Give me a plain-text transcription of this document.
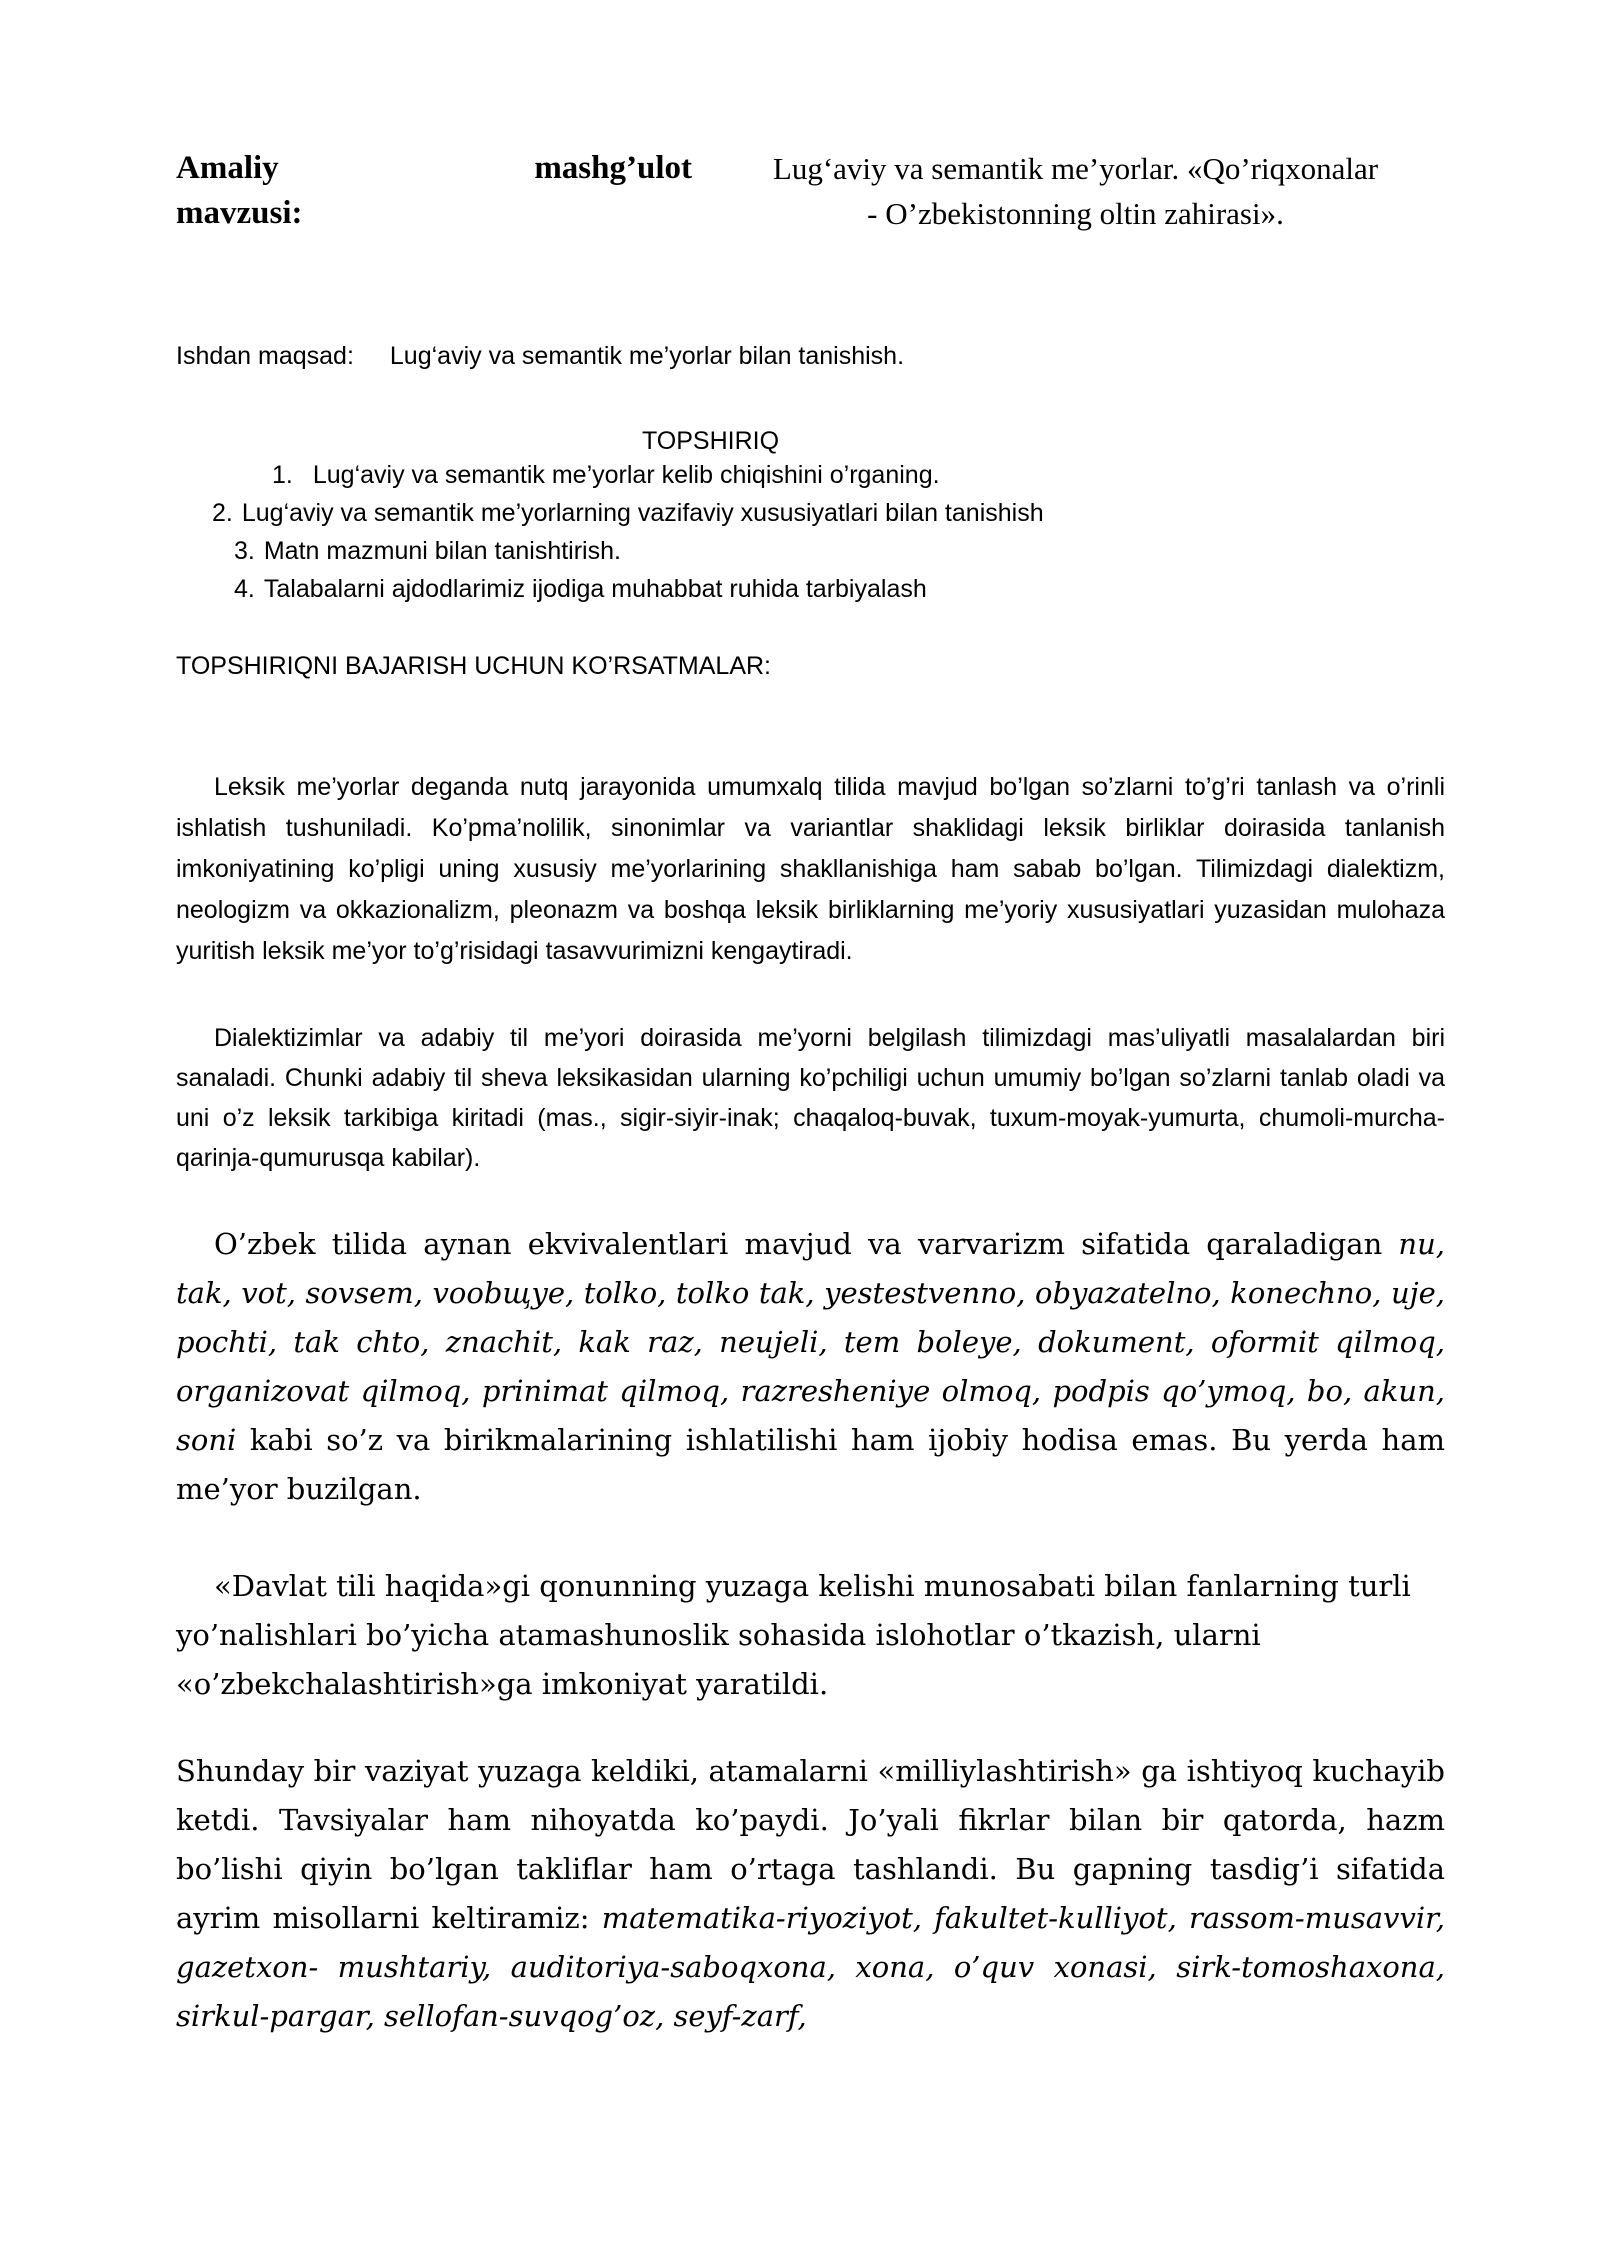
Amaliy	mashg’ulot
mavzusi:
Lug‘aviy va semantik me’yorlar. «Qo’riqxonalar
- O’zbekistonning oltin zahirasi».
Ishdan maqsad: Lug‘aviy va semantik me’yorlar bilan tanishish.
TOPSHIRIQ
1. Lug‘aviy va semantik me’yorlar kelib chiqishini o’rganing.
2. Lug‘aviy va semantik me’yorlarning vazifaviy xususiyatlari bilan tanishish
3. Matn mazmuni bilan tanishtirish.
4. Talabalarni ajdodlarimiz ijodiga muhabbat ruhida tarbiyalash
TOPSHIRIQNI BAJARISH UCHUN KO’RSATMALAR:
Leksik me’yorlar deganda nutq jarayonida umumxalq tilida mavjud bo’lgan so’zlarni to’g’ri tanlash va o’rinli ishlatish tushuniladi. Ko’pma’nolilik, sinonimlar va variantlar shaklidagi leksik birliklar doirasida tanlanish imkoniyatining ko’pligi uning xususiy me’yorlarining shakllanishiga ham sabab bo’lgan. Tilimizdagi dialektizm, neologizm va okkazionalizm, pleonazm va boshqa leksik birliklarning me’yoriy xususiyatlari yuzasidan mulohaza yuritish leksik me’yor to’g’risidagi tasavvurimizni kengaytiradi.
Dialektizimlar va adabiy til me’yori doirasida me’yorni belgilash tilimizdagi mas’uliyatli masalalardan biri sanaladi. Chunki adabiy til sheva leksikasidan ularning ko’pchiligi uchun umumiy bo’lgan so’zlarni tanlab oladi va uni o’z leksik tarkibiga kiritadi (mas., sigir-siyir-inak; chaqaloq-buvak, tuxum-moyak-yumurta, chumoli-murcha-qarinja-qumurusqa kabilar).
O’zbek tilida aynan ekvivalentlari mavjud va varvarizm sifatida qaraladigan nu, tak, vot, sovsem, voobщye, tolko, tolko tak, yestestvenno, obyazatelno, konechno, uje, pochti, tak chto, znachit, kak raz, neujeli, tem boleye, dokument, oformit qilmoq, organizovat qilmoq, prinimat qilmoq, razresheniye olmoq, podpis qo’ymoq, bo, akun, soni kabi so’z va birikmalarining ishlatilishi ham ijobiy hodisa emas. Bu yerda ham me’yor buzilgan.
«Davlat tili haqida»gi qonunning yuzaga kelishi munosabati bilan fanlarning turli yo’nalishlari bo’yicha atamashunoslik sohasida islohotlar o’tkazish, ularni «o’zbekchalashtirish»ga imkoniyat yaratildi.
Shunday bir vaziyat yuzaga keldiki, atamalarni «milliylashtirish» ga ishtiyoq kuchayib ketdi. Tavsiyalar ham nihoyatda ko’paydi. Jo’yali fikrlar bilan bir qatorda, hazm bo’lishi qiyin bo’lgan takliflar ham o’rtaga tashlandi. Bu gapning tasdig’i sifatida ayrim misollarni keltiramiz: matematika-riyoziyot, fakultet-kulliyot, rassom-musavvir, gazetxon- mushtariy, auditoriya-saboqxona, xona, o’quv xonasi, sirk-tomoshaxona, sirkul-pargar, sellofan-suvqog’oz, seyf-zarf,
